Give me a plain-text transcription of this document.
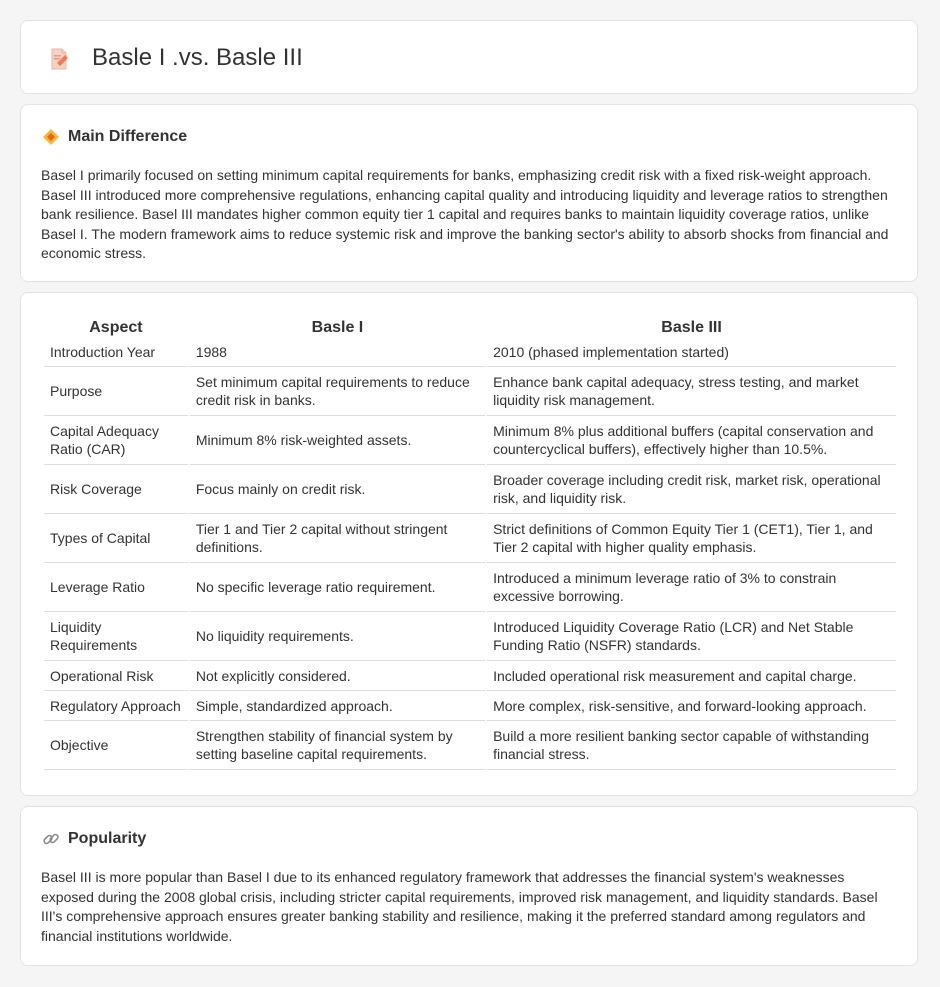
Basle I .vs. Basle III
Main Difference

Basel I primarily focused on setting minimum capital requirements for banks, emphasizing credit risk with a fixed risk-weight approach. Basel III introduced more comprehensive regulations, enhancing capital quality and introducing liquidity and leverage ratios to strengthen bank resilience. Basel III mandates higher common equity tier 1 capital and requires banks to maintain liquidity coverage ratios, unlike Basel I. The modern framework aims to reduce systemic risk and improve the banking sector's ability to absorb shocks from financial and economic stress.

Aspect	Basle I	Basle III
Introduction Year	1988	2010 (phased implementation started)
Purpose	Set minimum capital requirements to reduce credit risk in banks.	Enhance bank capital adequacy, stress testing, and market liquidity risk management.
Capital Adequacy Ratio (CAR)	Minimum 8% risk-weighted assets.	Minimum 8% plus additional buffers (capital conservation and countercyclical buffers), effectively higher than 10.5%.
Risk Coverage	Focus mainly on credit risk.	Broader coverage including credit risk, market risk, operational risk, and liquidity risk.
Types of Capital	Tier 1 and Tier 2 capital without stringent definitions.	Strict definitions of Common Equity Tier 1 (CET1), Tier 1, and Tier 2 capital with higher quality emphasis.
Leverage Ratio	No specific leverage ratio requirement.	Introduced a minimum leverage ratio of 3% to constrain excessive borrowing.
Liquidity Requirements	No liquidity requirements.	Introduced Liquidity Coverage Ratio (LCR) and Net Stable Funding Ratio (NSFR) standards.
Operational Risk	Not explicitly considered.	Included operational risk measurement and capital charge.
Regulatory Approach	Simple, standardized approach.	More complex, risk-sensitive, and forward-looking approach.
Objective	Strengthen stability of financial system by setting baseline capital requirements.	Build a more resilient banking sector capable of withstanding financial stress.
Popularity

Basel III is more popular than Basel I due to its enhanced regulatory framework that addresses the financial system's weaknesses exposed during the 2008 global crisis, including stricter capital requirements, improved risk management, and liquidity standards. Basel III's comprehensive approach ensures greater banking stability and resilience, making it the preferred standard among regulators and financial institutions worldwide.
